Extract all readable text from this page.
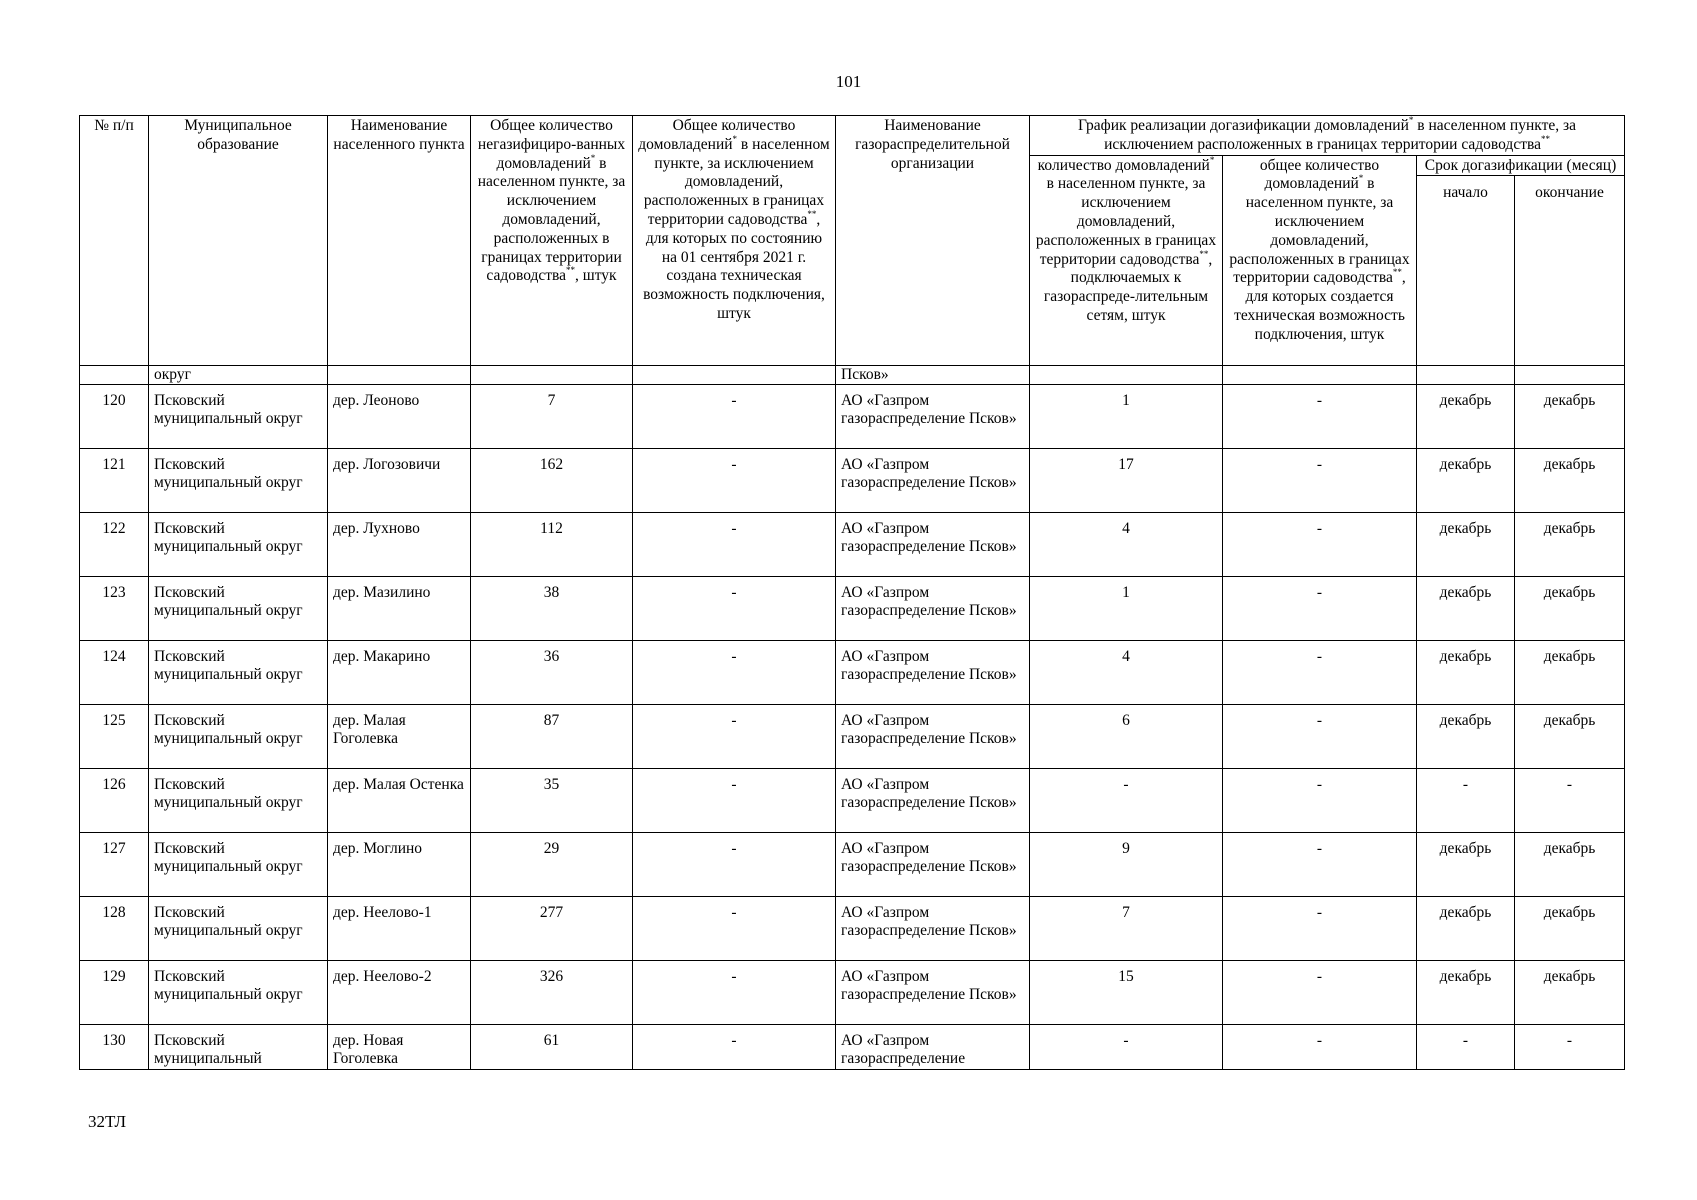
101
№ п/п	Муниципальное образование	Наименование населенного пункта	Общее количество негазифициро-ванных домовладений* в населенном пункте, за исключением домовладений, расположенных в границах территории садоводства**, штук	Общее количество домовладений* в населенном пункте, за исключением домовладений, расположенных в границах территории садоводства**, для которых по состоянию на 01 сентября 2021 г. создана техническая возможность подключения, штук	Наименование газораспределительной организации	График реализации догазификации домовладений* в населенном пункте, за исключением расположенных в границах территории садоводства**
						количество домовладений* в населенном пункте, за исключением домовладений, расположенных в границах территории садоводства**, подключаемых к газораспреде-лительным сетям, штук	общее количество домовладений* в населенном пункте, за исключением домовладений, расположенных в границах территории садоводства**, для которых создается техническая возможность подключения, штук	Срок догазификации (месяц)	
								начало	окончание
	округ				Псков»				
120	Псковский муниципальный округ	дер. Леоново	7	-	АО «Газпром газораспределение Псков»	1	-	декабрь	декабрь
121	Псковский муниципальный округ	дер. Логозовичи	162	-	АО «Газпром газораспределение Псков»	17	-	декабрь	декабрь
122	Псковский муниципальный округ	дер. Лухново	112	-	АО «Газпром газораспределение Псков»	4	-	декабрь	декабрь
123	Псковский муниципальный округ	дер. Мазилино	38	-	АО «Газпром газораспределение Псков»	1	-	декабрь	декабрь
124	Псковский муниципальный округ	дер. Макарино	36	-	АО «Газпром газораспределение Псков»	4	-	декабрь	декабрь
125	Псковский муниципальный округ	дер. Малая Гоголевка	87	-	АО «Газпром газораспределение Псков»	6	-	декабрь	декабрь
126	Псковский муниципальный округ	дер. Малая Остенка	35	-	АО «Газпром газораспределение Псков»	-	-	-	-
127	Псковский муниципальный округ	дер. Моглино	29	-	АО «Газпром газораспределение Псков»	9	-	декабрь	декабрь
128	Псковский муниципальный округ	дер. Неелово-1	277	-	АО «Газпром газораспределение Псков»	7	-	декабрь	декабрь
129	Псковский муниципальный округ	дер. Неелово-2	326	-	АО «Газпром газораспределение Псков»	15	-	декабрь	декабрь
130	Псковский муниципальный	дер. Новая Гоголевка	61	-	АО «Газпром газораспределение	-	-	-	-
32ТЛ
